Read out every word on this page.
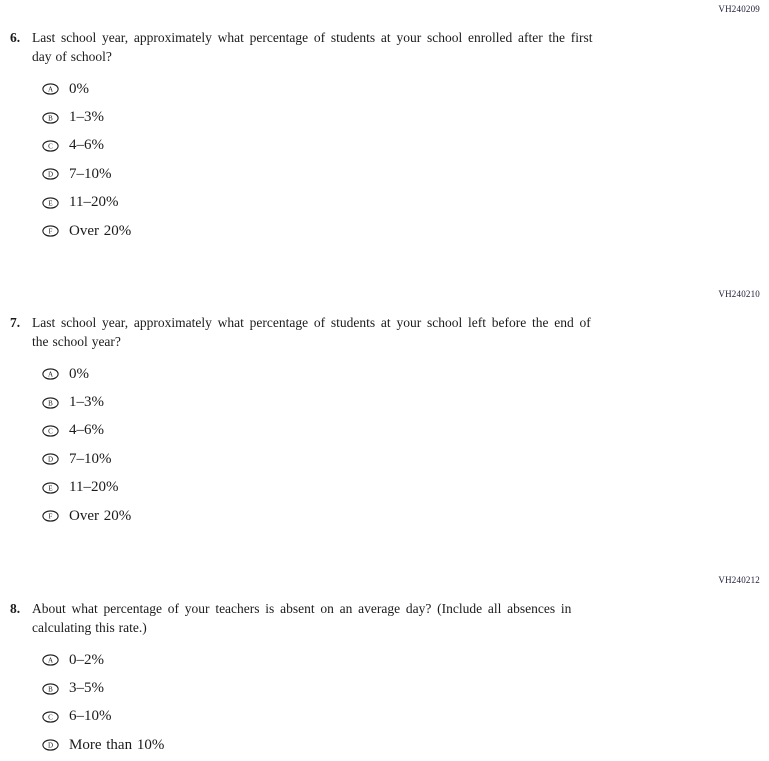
VH240209
6. Last school year, approximately what percentage of students at your school enrolled after the first
day of school?
A 0%
B 1–3%
C 4–6%
D 7–10%
E 11–20%
F Over 20%
VH240210
7. Last school year, approximately what percentage of students at your school left before the end of
the school year?
A 0%
B 1–3%
C 4–6%
D 7–10%
E 11–20%
F Over 20%
VH240212
8. About what percentage of your teachers is absent on an average day? (Include all absences in
calculating this rate.)
A 0–2%
B 3–5%
C 6–10%
D More than 10%
